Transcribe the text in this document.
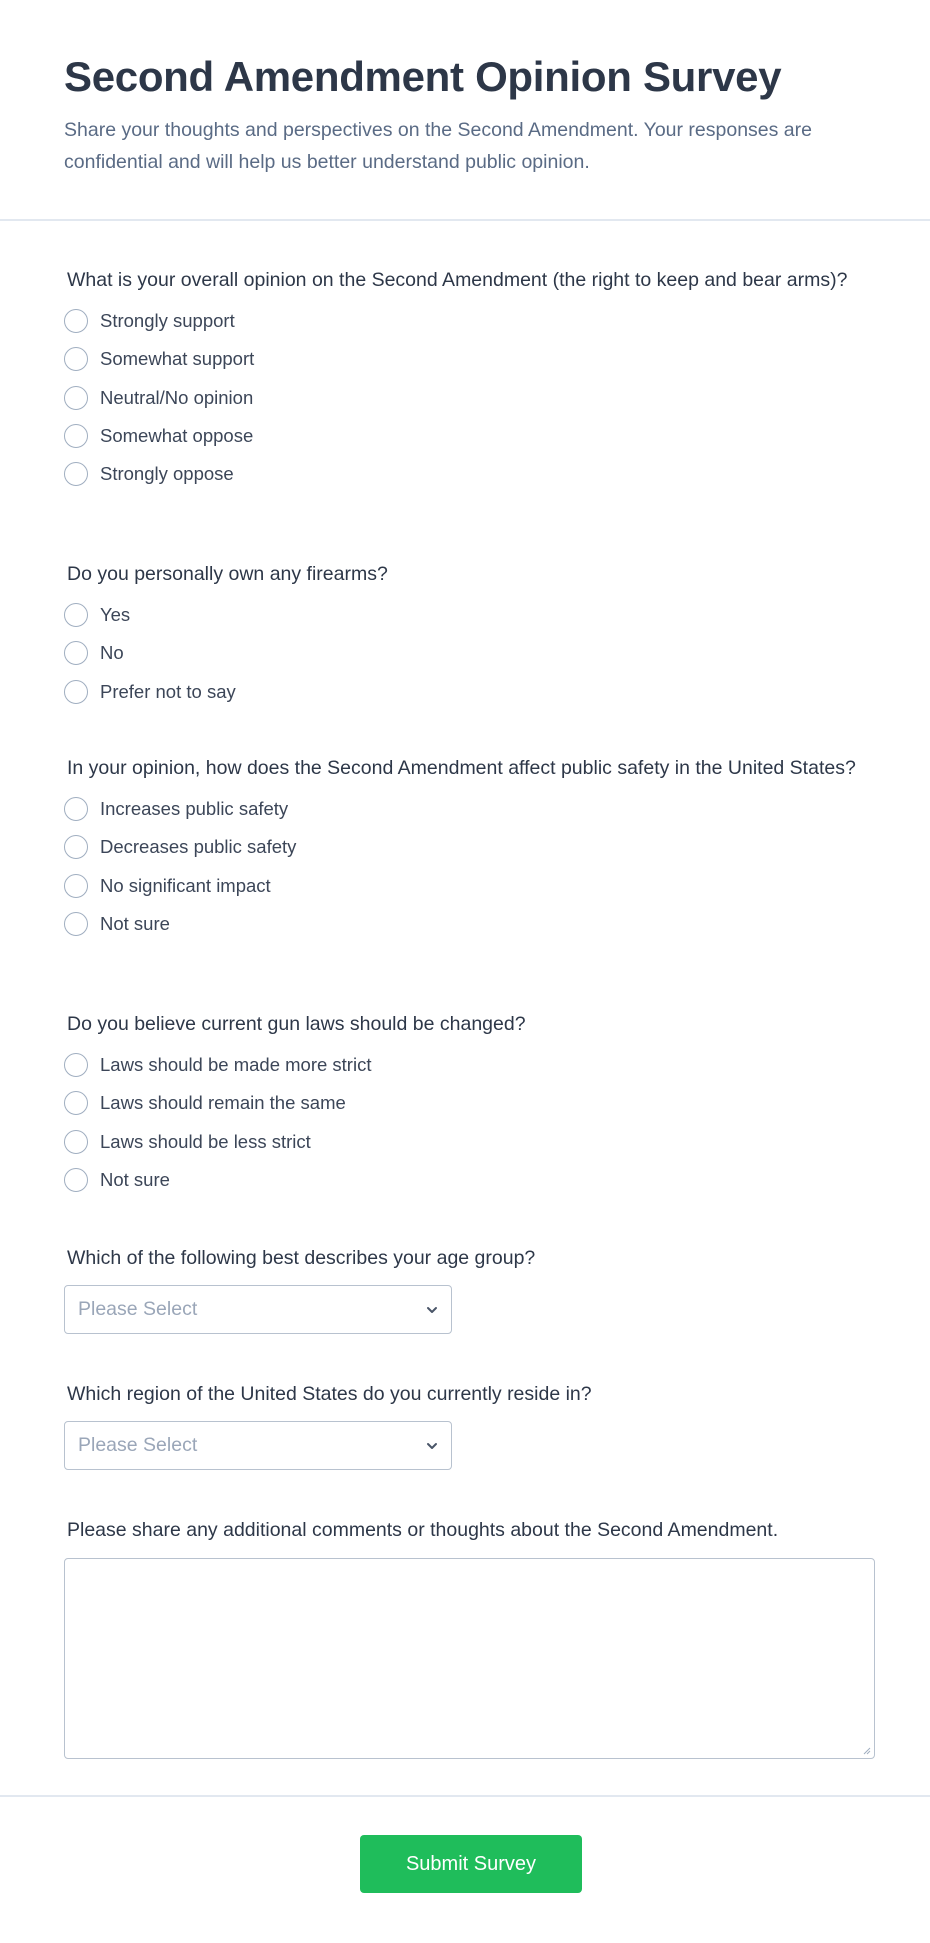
Second Amendment Opinion Survey
Share your thoughts and perspectives on the Second Amendment. Your responses are confidential and will help us better understand public opinion.
What is your overall opinion on the Second Amendment (the right to keep and bear arms)?
Strongly support
Somewhat support
Neutral/No opinion
Somewhat oppose
Strongly oppose
Do you personally own any firearms?
Yes
No
Prefer not to say
In your opinion, how does the Second Amendment affect public safety in the United States?
Increases public safety
Decreases public safety
No significant impact
Not sure
Do you believe current gun laws should be changed?
Laws should be made more strict
Laws should remain the same
Laws should be less strict
Not sure
Which of the following best describes your age group?
Please Select
Which region of the United States do you currently reside in?
Please Select
Please share any additional comments or thoughts about the Second Amendment.
Submit Survey
